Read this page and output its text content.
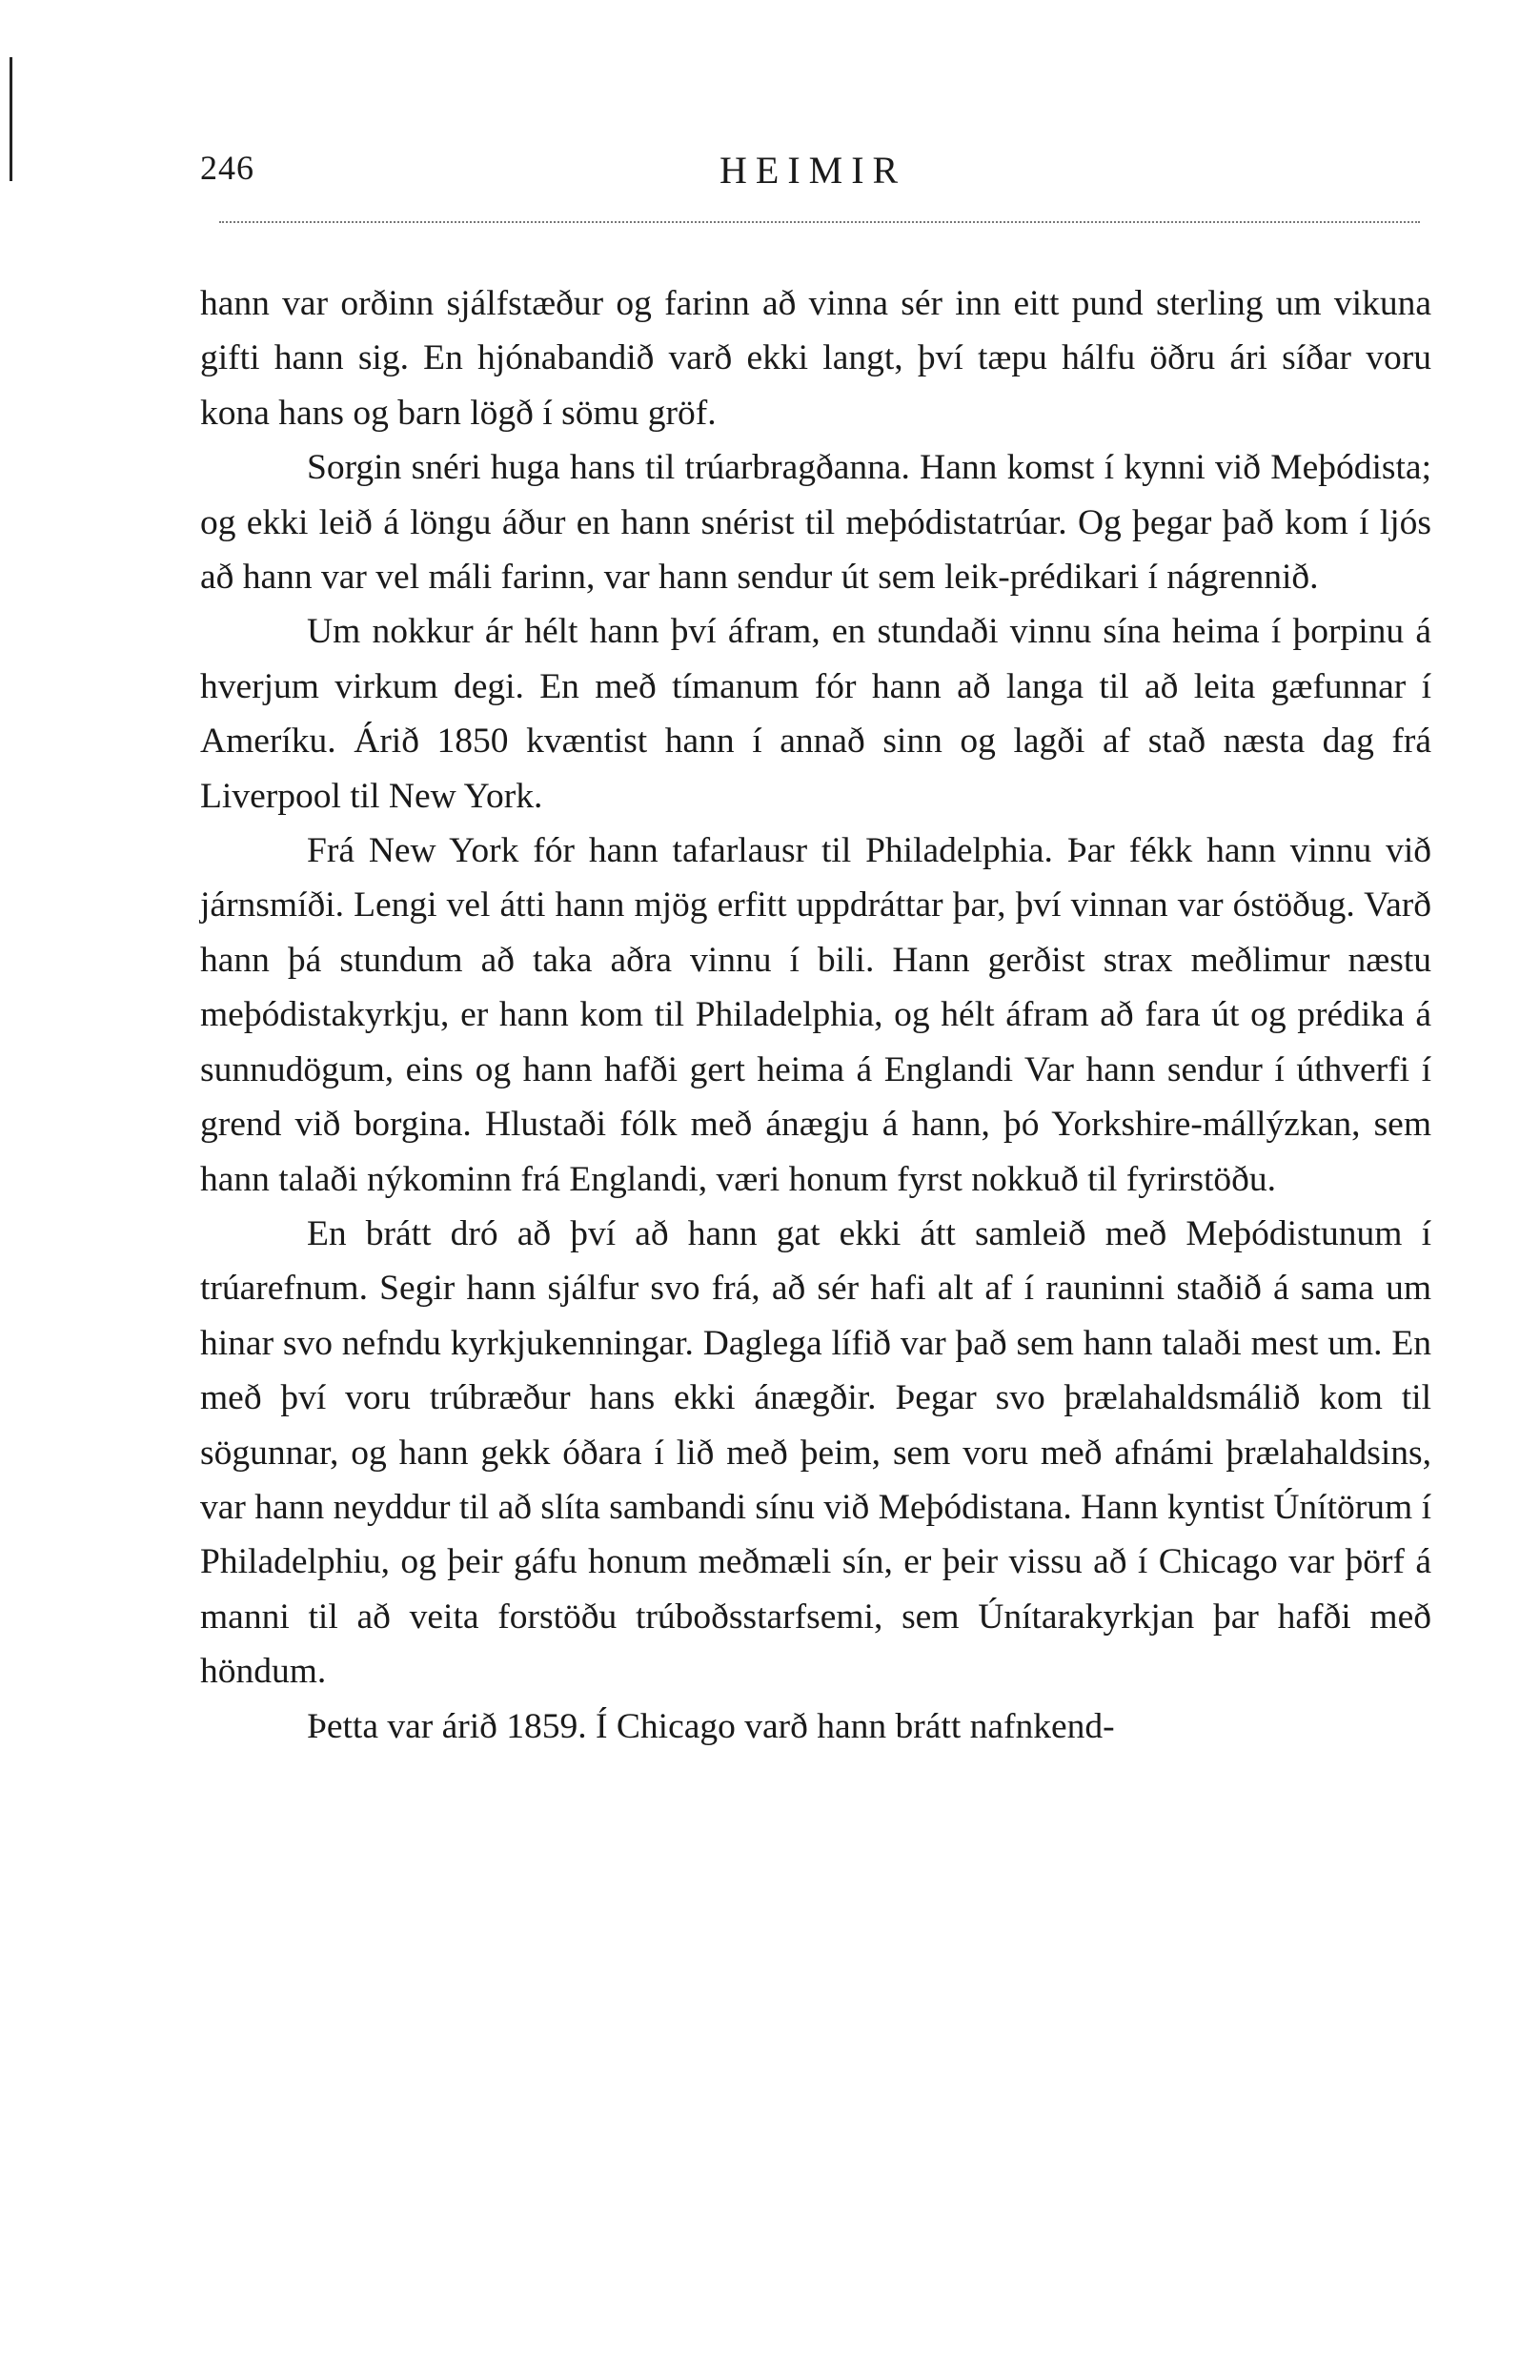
246	HEIMIR

hann var orðinn sjálfstæður og farinn að vinna sér inn eitt pund sterling um vikuna gifti hann sig. En hjónabandið varð ekki langt, því tæpu hálfu öðru ári síðar voru kona hans og barn lögð í sömu gröf.

Sorgin snéri huga hans til trúarbragðanna. Hann komst í kynni við Meþódista; og ekki leið á löngu áður en hann snérist til meþódistatrúar. Og þegar það kom í ljós að hann var vel máli farinn, var hann sendur út sem leik-prédikari í nágrennið.

Um nokkur ár hélt hann því áfram, en stundaði vinnu sína heima í þorpinu á hverjum virkum degi. En með tímanum fór hann að langa til að leita gæfunnar í Ameríku. Árið 1850 kvæntist hann í annað sinn og lagði af stað næsta dag frá Liverpool til New York.

Frá New York fór hann tafarlausr til Philadelphia. Þar fékk hann vinnu við járnsmíði. Lengi vel átti hann mjög erfitt uppdráttar þar, því vinnan var óstöðug. Varð hann þá stundum að taka aðra vinnu í bili. Hann gerðist strax meðlimur næstu meþódistakyrkju, er hann kom til Philadelphia, og hélt áfram að fara út og prédika á sunnudögum, eins og hann hafði gert heima á Englandi Var hann sendur í úthverfi í grend við borgina. Hlustaði fólk með ánægju á hann, þó Yorkshire-mállýzkan, sem hann talaði nýkominn frá Englandi, væri honum fyrst nokkuð til fyrirstöðu.

En brátt dró að því að hann gat ekki átt samleið með Meþódistunum í trúarefnum. Segir hann sjálfur svo frá, að sér hafi alt af í rauninni staðið á sama um hinar svo nefndu kyrkjukenningar. Daglega lífið var það sem hann talaði mest um. En með því voru trúbræður hans ekki ánægðir. Þegar svo þrælahaldsmálið kom til sögunnar, og hann gekk óðara í lið með þeim, sem voru með afnámi þrælahaldsins, var hann neyddur til að slíta sambandi sínu við Meþódistana. Hann kyntist Únítörum í Philadelphiu, og þeir gáfu honum meðmæli sín, er þeir vissu að í Chicago var þörf á manni til að veita forstöðu trúboðsstarfsemi, sem Únítarakyrkjan þar hafði með höndum.

Þetta var árið 1859. Í Chicago varð hann brátt nafnkend-
